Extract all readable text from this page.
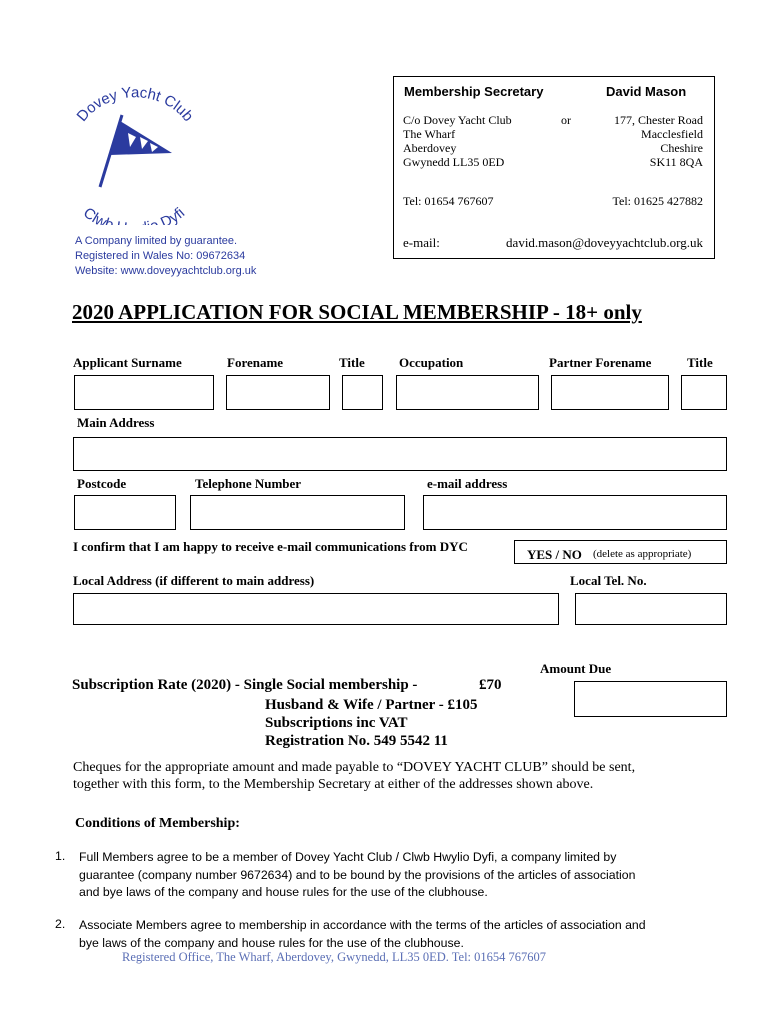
Dovey Yacht Club
Clwb Dyfi
A Company limited by guarantee.
Registered in Wales No: 09672634
Website: www.doveyyachtclub.org.uk
Membership Secretary	David Mason
C/o Dovey Yacht Club
The Wharf
Aberdovey
Gwynedd LL35 0ED
or	177, Chester Road
Macclesfield
Cheshire
SK11 8QA
Tel: 01654 767607	Tel: 01625 427882
e-mail:	david.mason@doveyyachtclub.org.uk
2020 APPLICATION FOR SOCIAL MEMBERSHIP - 18+ only
Applicant Surname	Forename	Title	Occupation	Partner Forename	Title
Main Address
Postcode	Telephone Number	e-mail address
I confirm that I am happy to receive e-mail communications from DYC
YES / NO (delete as appropriate)
Local Address (if different to main address)	Local Tel. No.
Amount Due
Subscription Rate (2020) - Single Social membership -	£70
Husband & Wife / Partner - £105
Subscriptions inc VAT
Registration No. 549 5542 11
Cheques for the appropriate amount and made payable to “DOVEY YACHT CLUB” should be sent,
together with this form, to the Membership Secretary at either of the addresses shown above.
Conditions of Membership:
1. Full Members agree to be a member of Dovey Yacht Club / Clwb Hwylio Dyfi, a company limited by
guarantee (company number 9672634) and to be bound by the provisions of the articles of association
and bye laws of the company and house rules for the use of the clubhouse.
2. Associate Members agree to membership in accordance with the terms of the articles of association and
bye laws of the company and house rules for the use of the clubhouse.
Registered Office, The Wharf, Aberdovey, Gwynedd, LL35 0ED. Tel: 01654 767607
